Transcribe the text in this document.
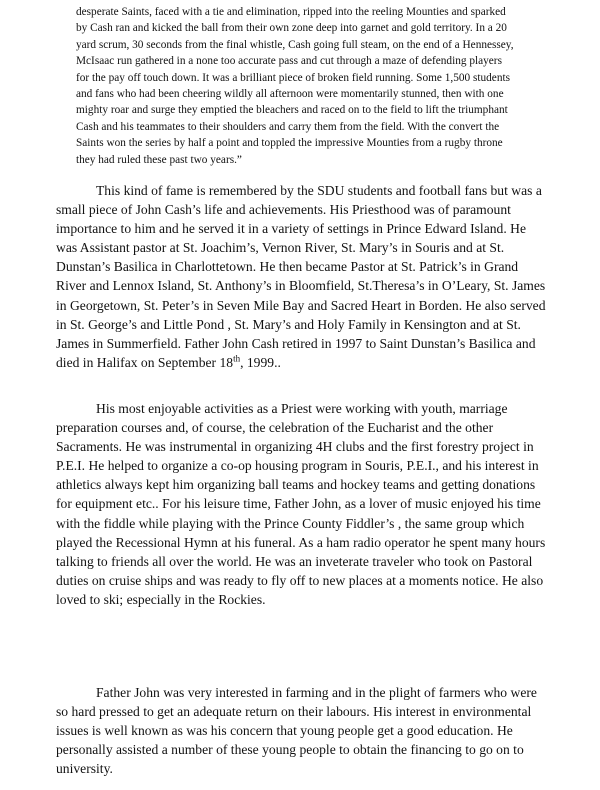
desperate Saints, faced with a tie and elimination, ripped into the reeling Mounties and sparked by Cash ran and kicked the ball from their own zone deep into garnet and gold territory. In a 20 yard scrum, 30 seconds from the final whistle, Cash going full steam, on the end of a Hennessey, McIsaac run gathered in a none too accurate pass and cut through a maze of defending players for the pay off touch down. It was a brilliant piece of broken field running. Some 1,500 students and fans who had been cheering wildly all afternoon were momentarily stunned, then with one mighty roar and surge they emptied the bleachers and raced on to the field to lift the triumphant Cash and his teammates to their shoulders and carry them from the field. With the convert the Saints won the series by half a point and toppled the impressive Mounties from a rugby throne they had ruled these past two years.”

This kind of fame is remembered by the SDU students and football fans but was a small piece of John Cash’s life and achievements. His Priesthood was of paramount importance to him and he served it in a variety of settings in Prince Edward Island. He was Assistant pastor at St. Joachim’s, Vernon River, St. Mary’s in Souris and at St. Dunstan’s Basilica in Charlottetown. He then became Pastor at St. Patrick’s in Grand River and Lennox Island, St. Anthony’s in Bloomfield, St.Theresa’s in O’Leary, St. James in Georgetown, St. Peter’s in Seven Mile Bay and Sacred Heart in Borden. He also served in St. George’s and Little Pond , St. Mary’s and Holy Family in Kensington and at St. James in Summerfield. Father John Cash retired in 1997 to Saint Dunstan’s Basilica and died in Halifax on September 18th, 1999..

His most enjoyable activities as a Priest were working with youth, marriage preparation courses and, of course, the celebration of the Eucharist and the other Sacraments. He was instrumental in organizing 4H clubs and the first forestry project in P.E.I. He helped to organize a co-op housing program in Souris, P.E.I., and his interest in athletics always kept him organizing ball teams and hockey teams and getting donations for equipment etc.. For his leisure time, Father John, as a lover of music enjoyed his time with the fiddle while playing with the Prince County Fiddler’s , the same group which played the Recessional Hymn at his funeral. As a ham radio operator he spent many hours talking to friends all over the world. He was an inveterate traveler who took on Pastoral duties on cruise ships and was ready to fly off to new places at a moments notice. He also loved to ski; especially in the Rockies.

Father John was very interested in farming and in the plight of farmers who were so hard pressed to get an adequate return on their labours. His interest in environmental issues is well known as was his concern that young people get a good education. He personally assisted a number of these young people to obtain the financing to go on to university.
